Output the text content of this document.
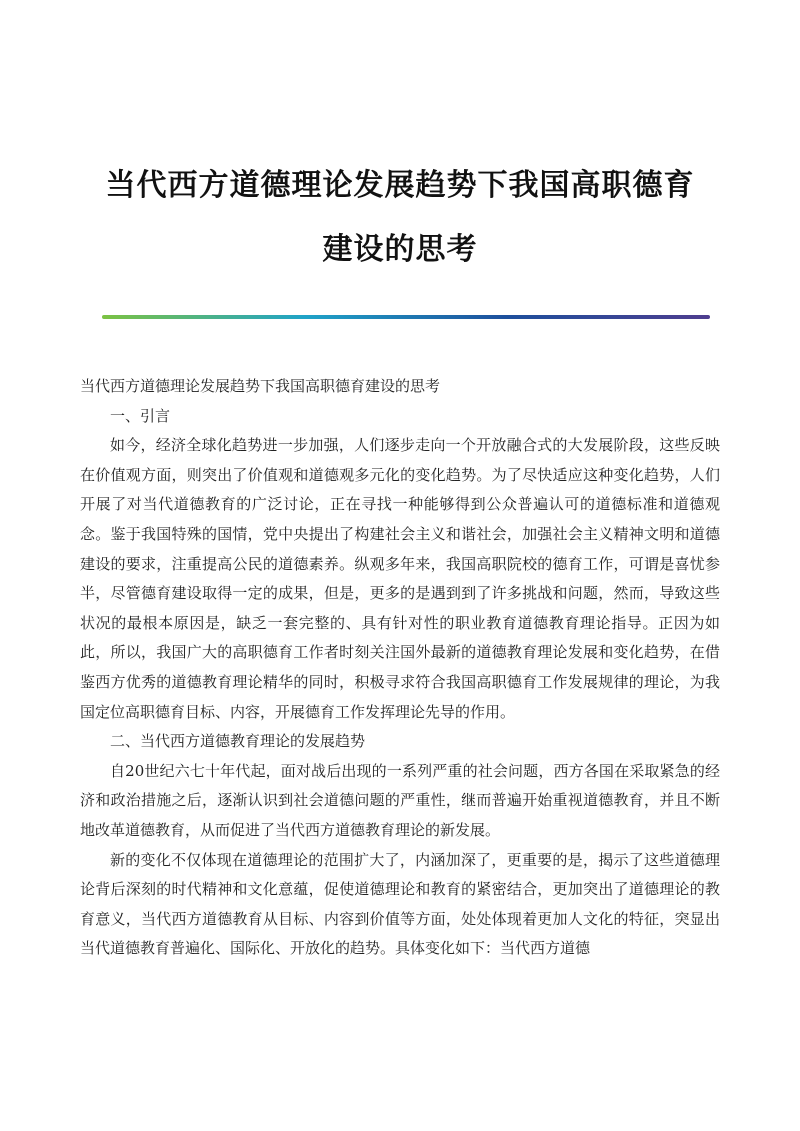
当代西方道德理论发展趋势下我国高职德育
建设的思考

当代西方道德理论发展趋势下我国高职德育建设的思考

一、引言

如今，经济全球化趋势进一步加强，人们逐步走向一个开放融合式的大发展阶段，这些反映在价值观方面，则突出了价值观和道德观多元化的变化趋势。为了尽快适应这种变化趋势，人们开展了对当代道德教育的广泛讨论，正在寻找一种能够得到公众普遍认可的道德标准和道德观念。鉴于我国特殊的国情，党中央提出了构建社会主义和谐社会，加强社会主义精神文明和道德建设的要求，注重提高公民的道德素养。纵观多年来，我国高职院校的德育工作，可谓是喜忧参半，尽管德育建设取得一定的成果，但是，更多的是遇到到了许多挑战和问题，然而，导致这些状况的最根本原因是，缺乏一套完整的、具有针对性的职业教育道德教育理论指导。正因为如此，所以，我国广大的高职德育工作者时刻关注国外最新的道德教育理论发展和变化趋势，在借鉴西方优秀的道德教育理论精华的同时，积极寻求符合我国高职德育工作发展规律的理论，为我国定位高职德育目标、内容，开展德育工作发挥理论先导的作用。

二、当代西方道德教育理论的发展趋势

自20世纪六七十年代起，面对战后出现的一系列严重的社会问题，西方各国在采取紧急的经济和政治措施之后，逐渐认识到社会道德问题的严重性，继而普遍开始重视道德教育，并且不断地改革道德教育，从而促进了当代西方道德教育理论的新发展。

新的变化不仅体现在道德理论的范围扩大了，内涵加深了，更重要的是，揭示了这些道德理论背后深刻的时代精神和文化意蕴，促使道德理论和教育的紧密结合，更加突出了道德理论的教育意义，当代西方道德教育从目标、内容到价值等方面，处处体现着更加人文化的特征，突显出当代道德教育普遍化、国际化、开放化的趋势。具体变化如下：当代西方道德
